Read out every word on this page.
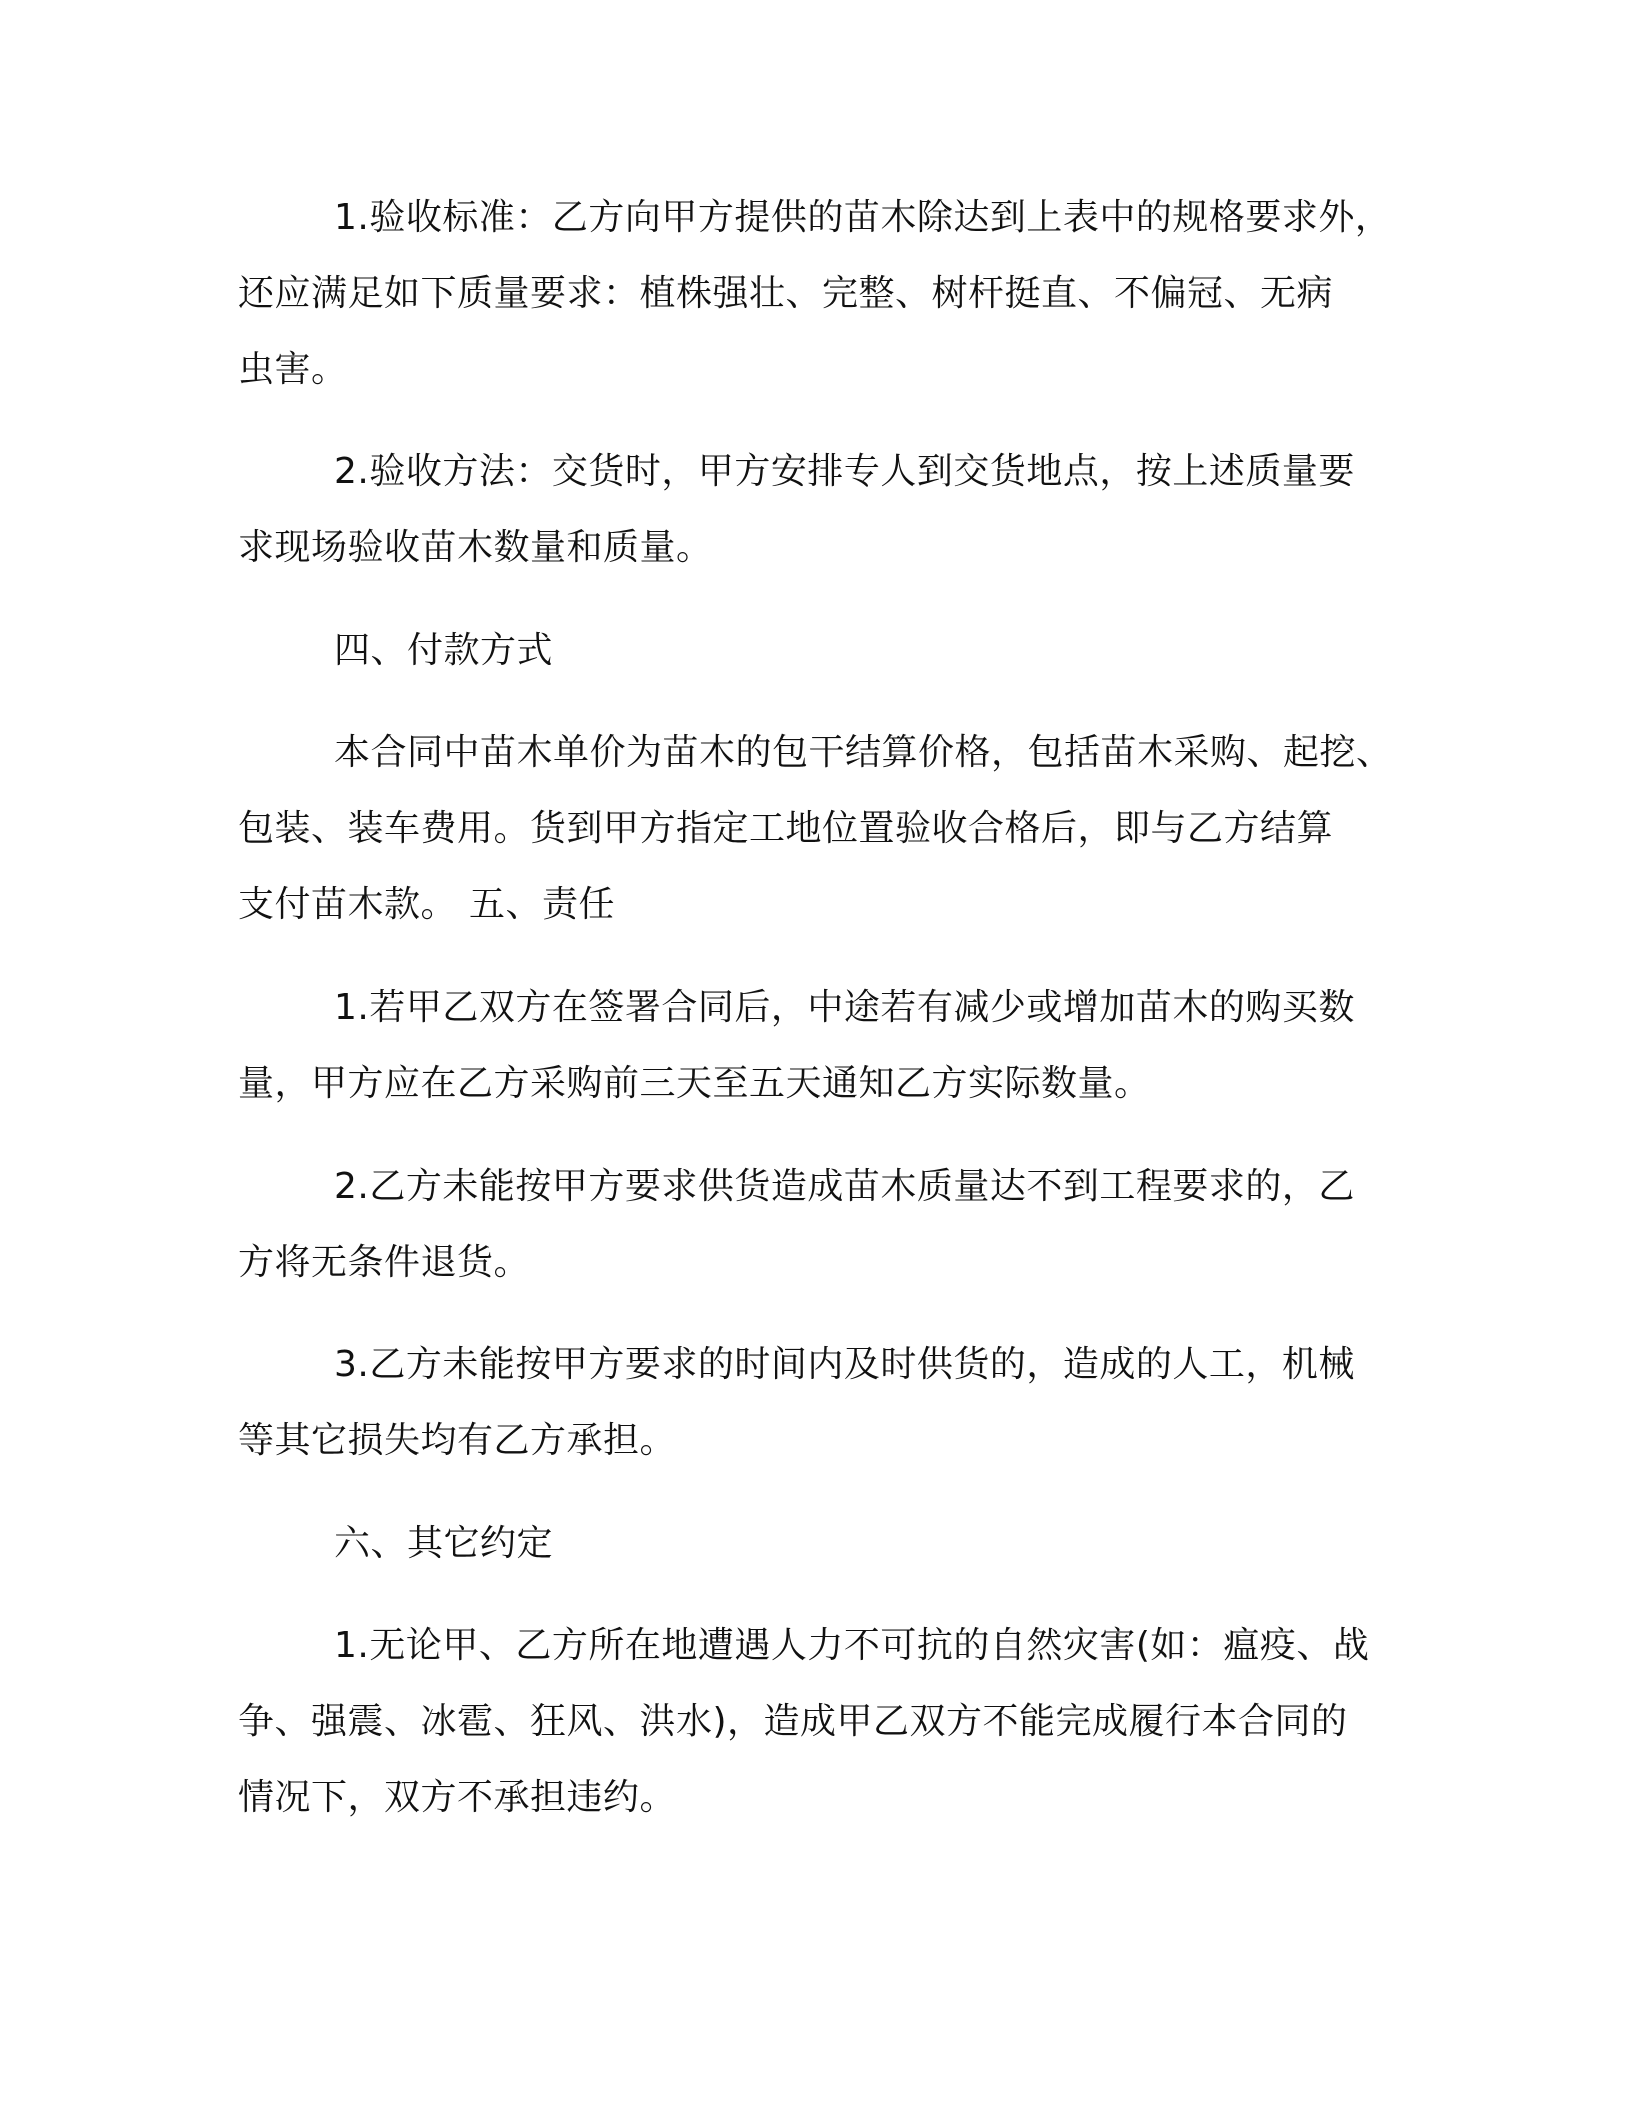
1.验收标准：乙方向甲方提供的苗木除达到上表中的规格要求外，
还应满足如下质量要求：植株强壮、完整、树杆挺直、不偏冠、无病
虫害。
2.验收方法：交货时，甲方安排专人到交货地点，按上述质量要
求现场验收苗木数量和质量。
四、付款方式
本合同中苗木单价为苗木的包干结算价格，包括苗木采购、起挖、
包装、装车费用。货到甲方指定工地位置验收合格后，即与乙方结算
支付苗木款。 五、责任
1.若甲乙双方在签署合同后，中途若有减少或增加苗木的购买数
量，甲方应在乙方采购前三天至五天通知乙方实际数量。
2.乙方未能按甲方要求供货造成苗木质量达不到工程要求的，乙
方将无条件退货。
3.乙方未能按甲方要求的时间内及时供货的，造成的人工，机械
等其它损失均有乙方承担。
六、其它约定
1.无论甲、乙方所在地遭遇人力不可抗的自然灾害(如：瘟疫、战
争、强震、冰雹、狂风、洪水)，造成甲乙双方不能完成履行本合同的
情况下，双方不承担违约。
